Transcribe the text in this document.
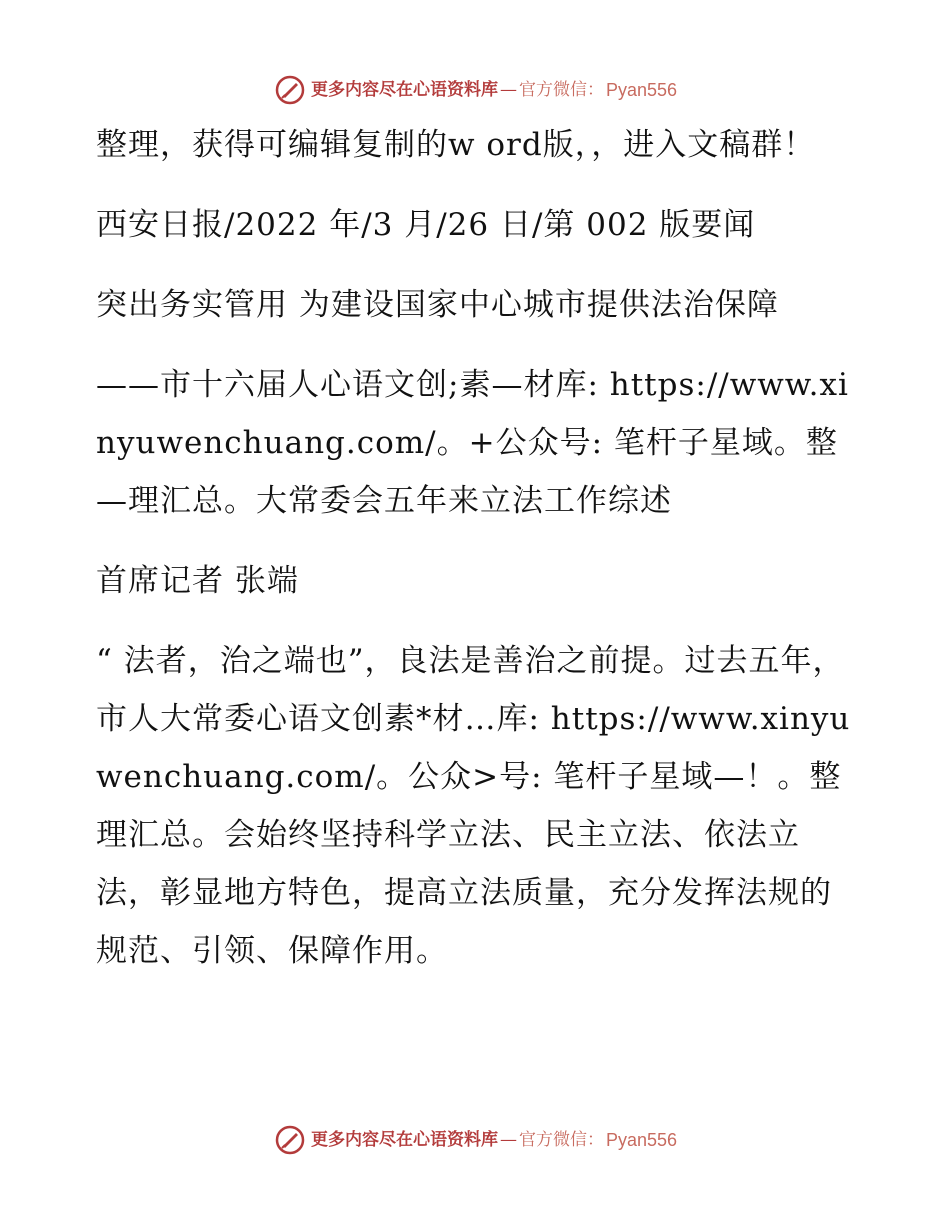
更多内容尽在心语资料库 — 官方微信： Pyan556

整理，获得可编辑复制的w ord版，，进入文稿群！

西安日报/2022 年/3 月/26 日/第 002 版要闻

突出务实管用 为建设国家中心城市提供法治保障

——市十六届人心语文创;素—材库: https://www.xinyuwenchuang.com/。+公众号: 笔杆子星域。整—理汇总。大常委会五年来立法工作综述

首席记者 张端

“ 法者，治之端也”，良法是善治之前提。过去五年，市人大常委心语文创素*材…库: https://www.xinyuwenchuang.com/。公众>号: 笔杆子星域—！。整理汇总。会始终坚持科学立法、民主立法、依法立法，彰显地方特色，提高立法质量，充分发挥法规的规范、引领、保障作用。

更多内容尽在心语资料库 — 官方微信： Pyan556
